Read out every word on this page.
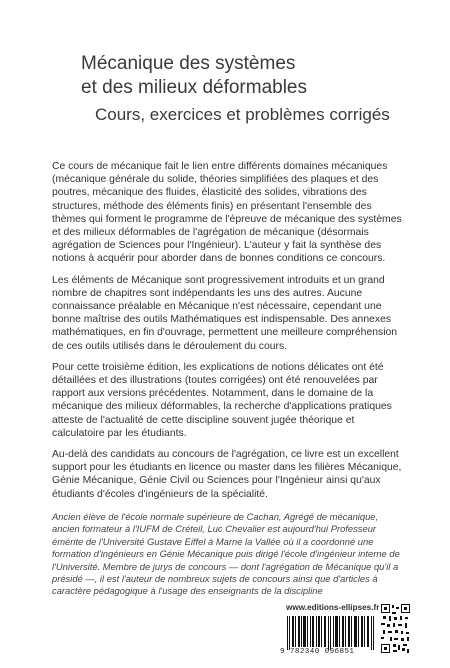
Mécanique des systèmes
et des milieux déformables
Cours, exercices et problèmes corrigés

Ce cours de mécanique fait le lien entre différents domaines mécaniques (mécanique générale du solide, théories simplifiées des plaques et des poutres, mécanique des fluides, élasticité des solides, vibrations des structures, méthode des éléments finis) en présentant l'ensemble des thèmes qui forment le programme de l'épreuve de mécanique des systèmes et des milieux déformables de l'agrégation de mécanique (désormais agrégation de Sciences pour l'Ingénieur). L'auteur y fait la synthèse des notions à acquérir pour aborder dans de bonnes conditions ce concours.

Les éléments de Mécanique sont progressivement introduits et un grand nombre de chapitres sont indépendants les uns des autres. Aucune connaissance préalable en Mécanique n'est nécessaire, cependant une bonne maîtrise des outils Mathématiques est indispensable. Des annexes mathématiques, en fin d'ouvrage, permettent une meilleure compréhension de ces outils utilisés dans le déroulement du cours.

Pour cette troisième édition, les explications de notions délicates ont été détaillées et des illustrations (toutes corrigées) ont été renouvelées par rapport aux versions précédentes. Notamment, dans le domaine de la mécanique des milieux déformables, la recherche d'applications pratiques atteste de l'actualité de cette discipline souvent jugée théorique et calculatoire par les étudiants.

Au-delà des candidats au concours de l'agrégation, ce livre est un excellent support pour les étudiants en licence ou master dans les filières Mécanique, Génie Mécanique, Génie Civil ou Sciences pour l'Ingénieur ainsi qu'aux étudiants d'écoles d'ingénieurs de la spécialité.

Ancien élève de l'école normale supérieure de Cachan, Agrégé de mécanique, ancien formateur à l'IUFM de Créteil, Luc Chevalier est aujourd'hui Professeur émérite de l'Université Gustave Eiffel à Marne la Vallée où il a coordonné une formation d'ingénieurs en Génie Mécanique puis dirigé l'école d'ingénieur interne de l'Université. Membre de jurys de concours — dont l'agrégation de Mécanique qu'il a présidé —, il est l'auteur de nombreux sujets de concours ainsi que d'articles à caractère pédagogique à l'usage des enseignants de la discipline
www.editions-ellipses.fr
9 782340 096851
